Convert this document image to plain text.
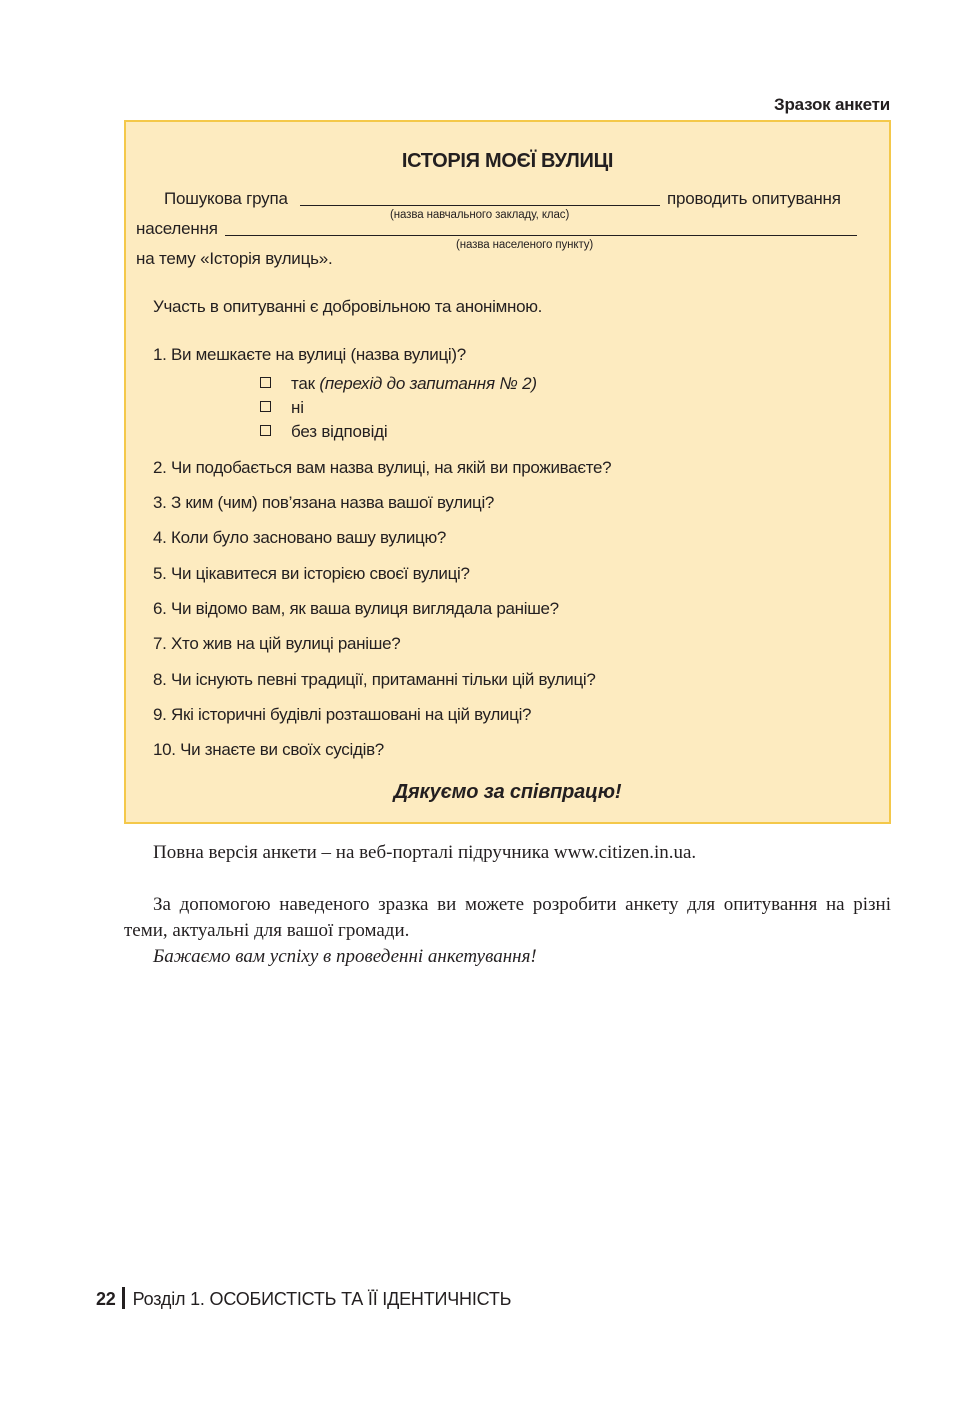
Зразок анкети
ІСТОРІЯ МОЄЇ ВУЛИЦІ
Пошукова група	проводить опитування
(назва навчального закладу, клас)
населення
(назва населеного пункту)
на тему «Історія вулиць».
Участь в опитуванні є добровільною та анонімною.
1. Ви мешкаєте на вулиці (назва вулиці)?
так (перехід до запитання № 2)
ні
без відповіді
2. Чи подобається вам назва вулиці, на якій ви проживаєте?
3. З ким (чим) пов’язана назва вашої вулиці?
4. Коли було засновано вашу вулицю?
5. Чи цікавитеся ви історією своєї вулиці?
6. Чи відомо вам, як ваша вулиця виглядала раніше?
7. Хто жив на цій вулиці раніше?
8. Чи існують певні традиції, притаманні тільки цій вулиці?
9. Які історичні будівлі розташовані на цій вулиці?
10. Чи знаєте ви своїх сусідів?
Дякуємо за співпрацю!
Повна версія анкети – на веб-порталі підручника www.citizen.in.ua.
За допомогою наведеного зразка ви можете розробити анкету для опитування на різні теми, актуальні для вашої громади.
Бажаємо вам успіху в проведенні анкетування!
22 Розділ 1. ОСОБИСТІСТЬ ТА ЇЇ ІДЕНТИЧНІСТЬ
